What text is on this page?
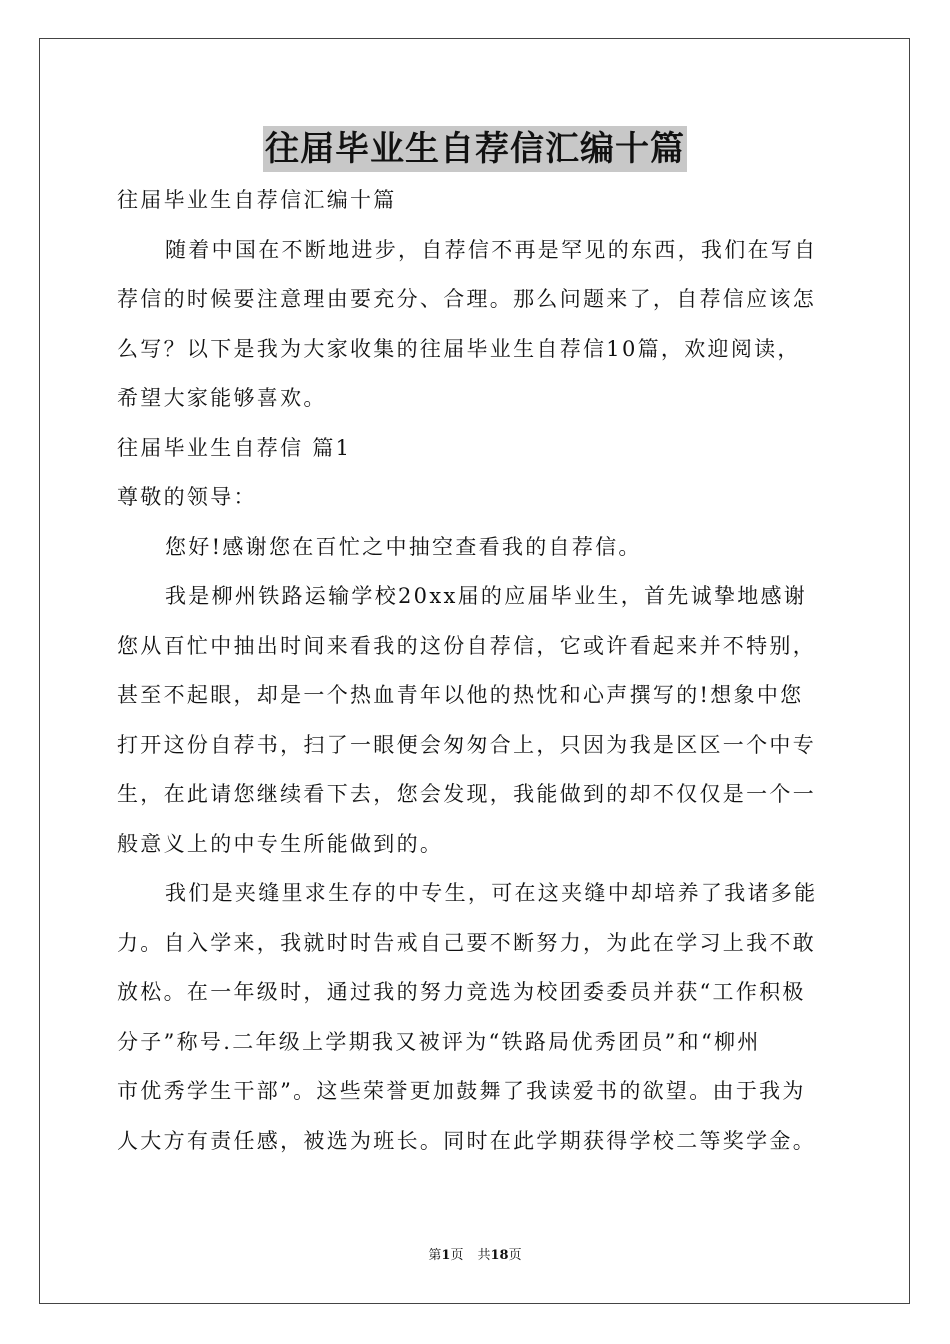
往届毕业生自荐信汇编十篇
往届毕业生自荐信汇编十篇
随着中国在不断地进步，自荐信不再是罕见的东西，我们在写自
荐信的时候要注意理由要充分、合理。那么问题来了，自荐信应该怎
么写？以下是我为大家收集的往届毕业生自荐信10篇，欢迎阅读，
希望大家能够喜欢。
往届毕业生自荐信 篇1
尊敬的领导：
您好!感谢您在百忙之中抽空查看我的自荐信。
我是柳州铁路运输学校20xx届的应届毕业生，首先诚挚地感谢
您从百忙中抽出时间来看我的这份自荐信，它或许看起来并不特别，
甚至不起眼，却是一个热血青年以他的热忱和心声撰写的!想象中您
打开这份自荐书，扫了一眼便会匆匆合上，只因为我是区区一个中专
生，在此请您继续看下去，您会发现，我能做到的却不仅仅是一个一
般意义上的中专生所能做到的。
我们是夹缝里求生存的中专生，可在这夹缝中却培养了我诸多能
力。自入学来，我就时时告戒自己要不断努力，为此在学习上我不敢
放松。在一年级时，通过我的努力竞选为校团委委员并获“工作积极
分子”称号.二年级上学期我又被评为“铁路局优秀团员”和“柳州
市优秀学生干部”。这些荣誉更加鼓舞了我读爱书的欲望。由于我为
人大方有责任感，被选为班长。同时在此学期获得学校二等奖学金。
第1页 共18页
